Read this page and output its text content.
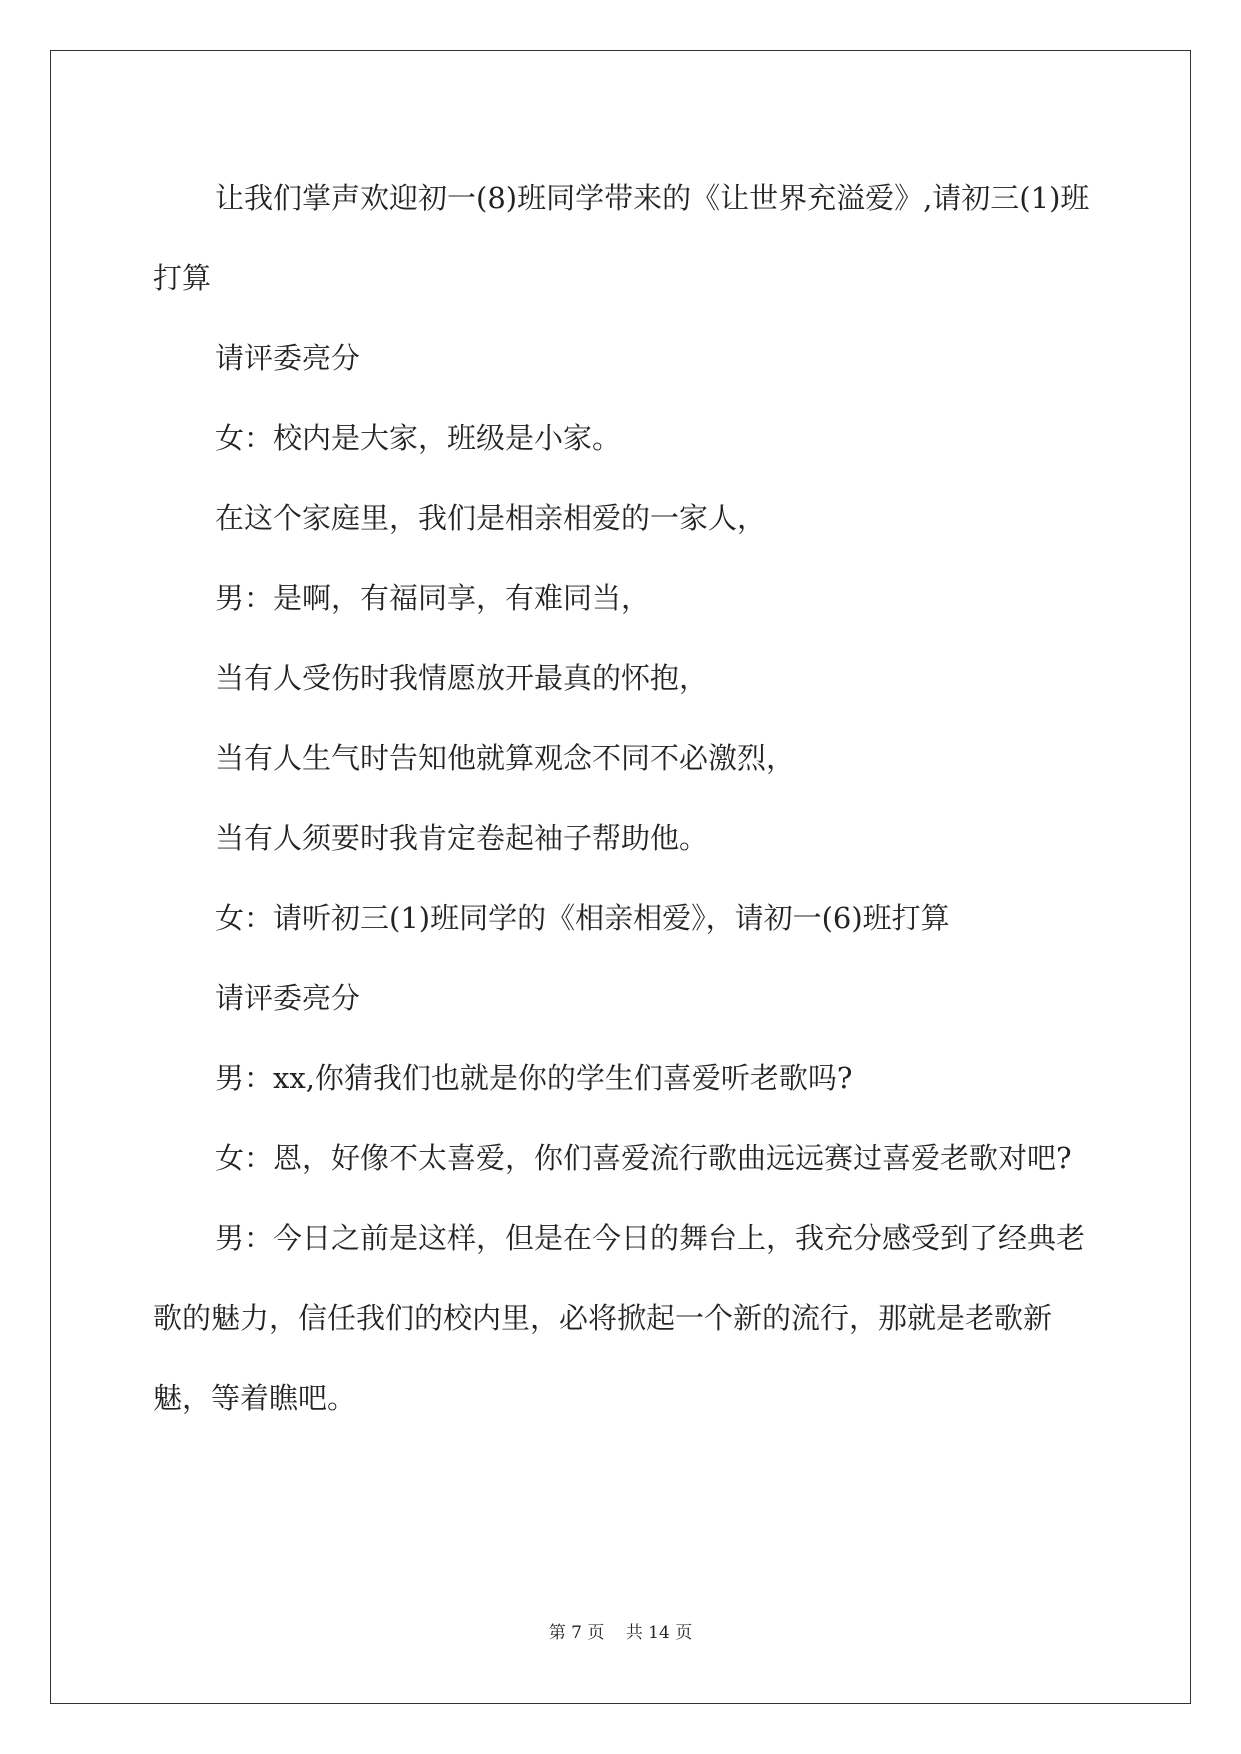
让我们掌声欢迎初一(8)班同学带来的《让世界充溢爱》,请初三(1)班打算

请评委亮分

女：校内是大家，班级是小家。

在这个家庭里，我们是相亲相爱的一家人，

男：是啊，有福同享，有难同当，

当有人受伤时我情愿放开最真的怀抱，

当有人生气时告知他就算观念不同不必激烈，

当有人须要时我肯定卷起袖子帮助他。

女：请听初三(1)班同学的《相亲相爱》，请初一(6)班打算

请评委亮分

男：xx,你猜我们也就是你的学生们喜爱听老歌吗?

女：恩，好像不太喜爱，你们喜爱流行歌曲远远赛过喜爱老歌对吧?

男：今日之前是这样，但是在今日的舞台上，我充分感受到了经典老歌的魅力，信任我们的校内里，必将掀起一个新的流行，那就是老歌新魅，等着瞧吧。

第 7 页 共 14 页
